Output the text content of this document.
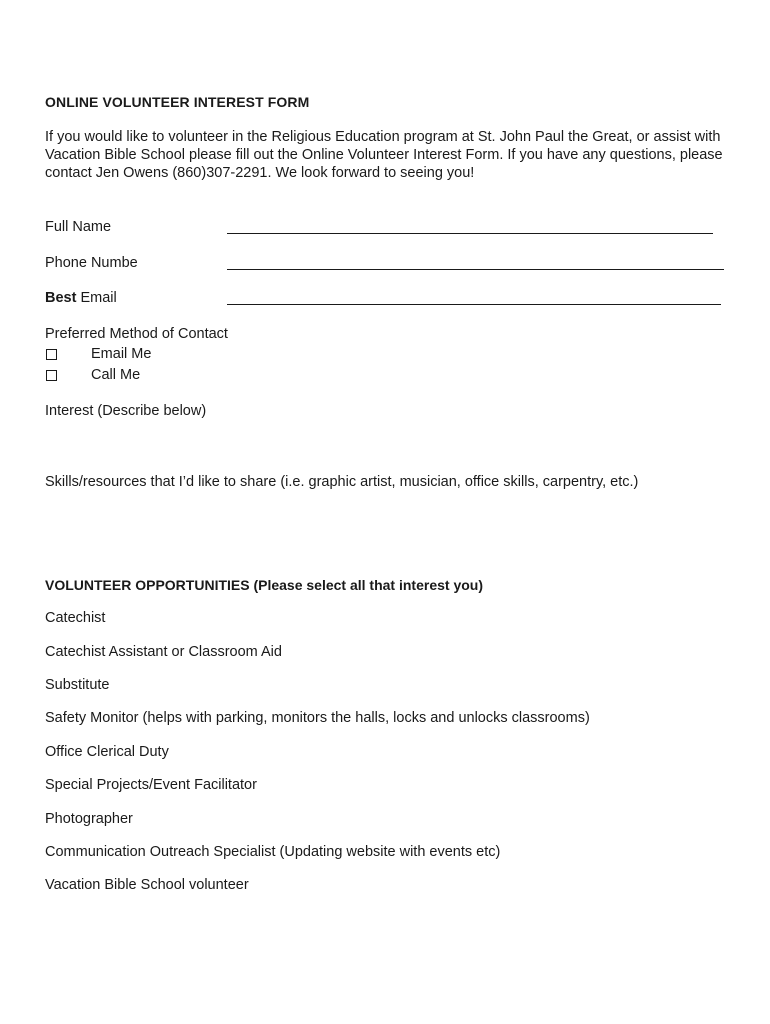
ONLINE VOLUNTEER INTEREST FORM
If you would like to volunteer in the Religious Education program at St. John Paul the Great, or assist with Vacation Bible School please fill out the Online Volunteer Interest Form. If you have any questions, please contact Jen Owens (860)307-2291. We look forward to seeing you!
Full Name
Phone Numbe
Best Email
Preferred Method of Contact
Email Me
Call Me
Interest (Describe below)
Skills/resources that I’d like to share (i.e. graphic artist, musician, office skills, carpentry, etc.)
VOLUNTEER OPPORTUNITIES (Please select all that interest you)
Catechist
Catechist Assistant or Classroom Aid
Substitute
Safety Monitor (helps with parking, monitors the halls, locks and unlocks classrooms)
Office Clerical Duty
Special Projects/Event Facilitator
Photographer
Communication Outreach Specialist (Updating website with events etc)
Vacation Bible School volunteer
